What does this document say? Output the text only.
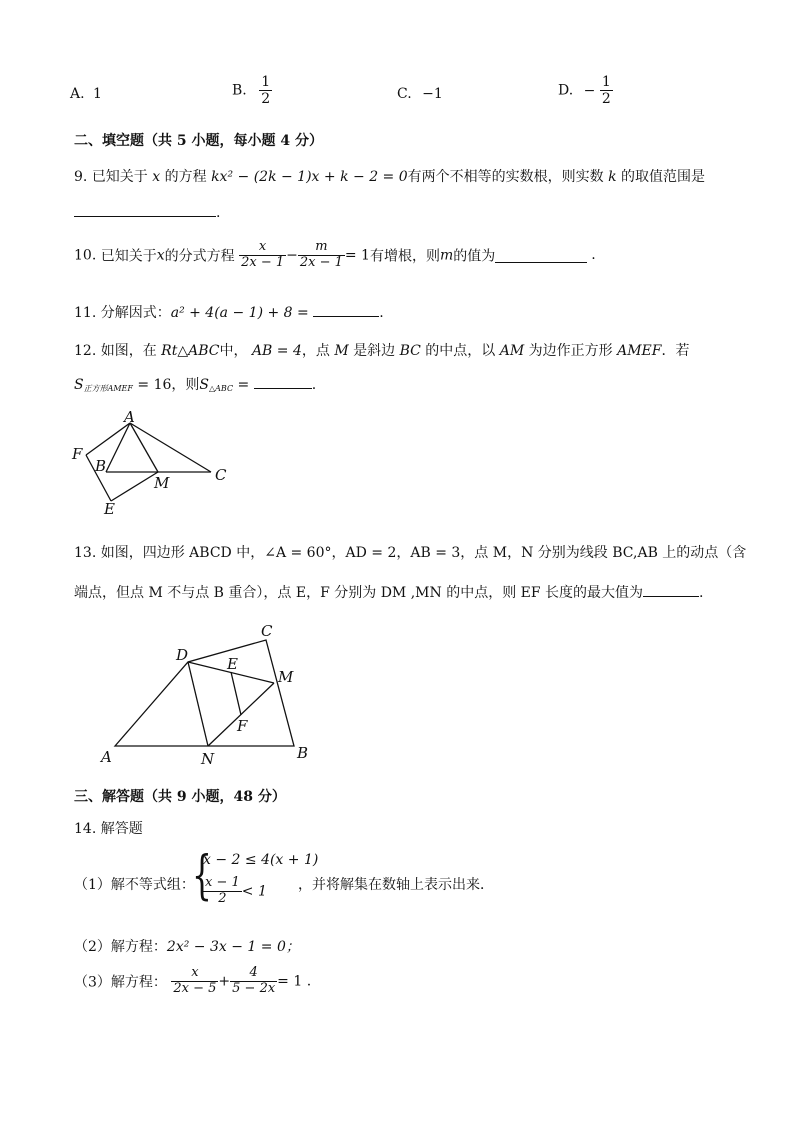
A. 1	B. $\frac{1}{2}$	C. −1	D. − $\frac{1}{2}$
二、填空题（共 5 小题，每小题 4 分）
9. 已知关于 x 的方程 kx² − (2k − 1)x + k − 2 = 0有两个不相等的实数根，则实数 k 的取值范围是
.
10. 已知关于x的分式方程 $\frac{x}{2x - 1} - \frac{m}{2x - 1} = 1$有增根，则m的值为	.
11. 分解因式：a² + 4(a − 1) + 8 =	.
12. 如图，在 Rt△ABC中， AB = 4，点 M 是斜边 BC 的中点，以 AM 为边作正方形 AMEF．若
$S_{正方形AMEF} = 16$，则$S_{\triangle ABC}$ =	.
A
B	C
E
F
M
13. 如图，四边形 ABCD 中，∠A = 60°，AD = 2，AB = 3，点 M，N 分别为线段 BC,AB 上的动点（含
端点，但点 M 不与点 B 重合），点 E，F 分别为 DM ,MN 的中点，则 EF 长度的最大值为	.
A	B
C
D	E
F
M
N
三、解答题（共 9 小题，48 分）
14. 解答题
（1）解不等式组：
{
x − 2 ≤ 4(x + 1)
$\frac{x - 1}{2} < 1$ ，并将解集在数轴上表示出来．
（2）解方程：2x² − 3x − 1 = 0；
（3）解方程： $\frac{x}{2x - 5} + \frac{4}{5 - 2x} = 1$ .
